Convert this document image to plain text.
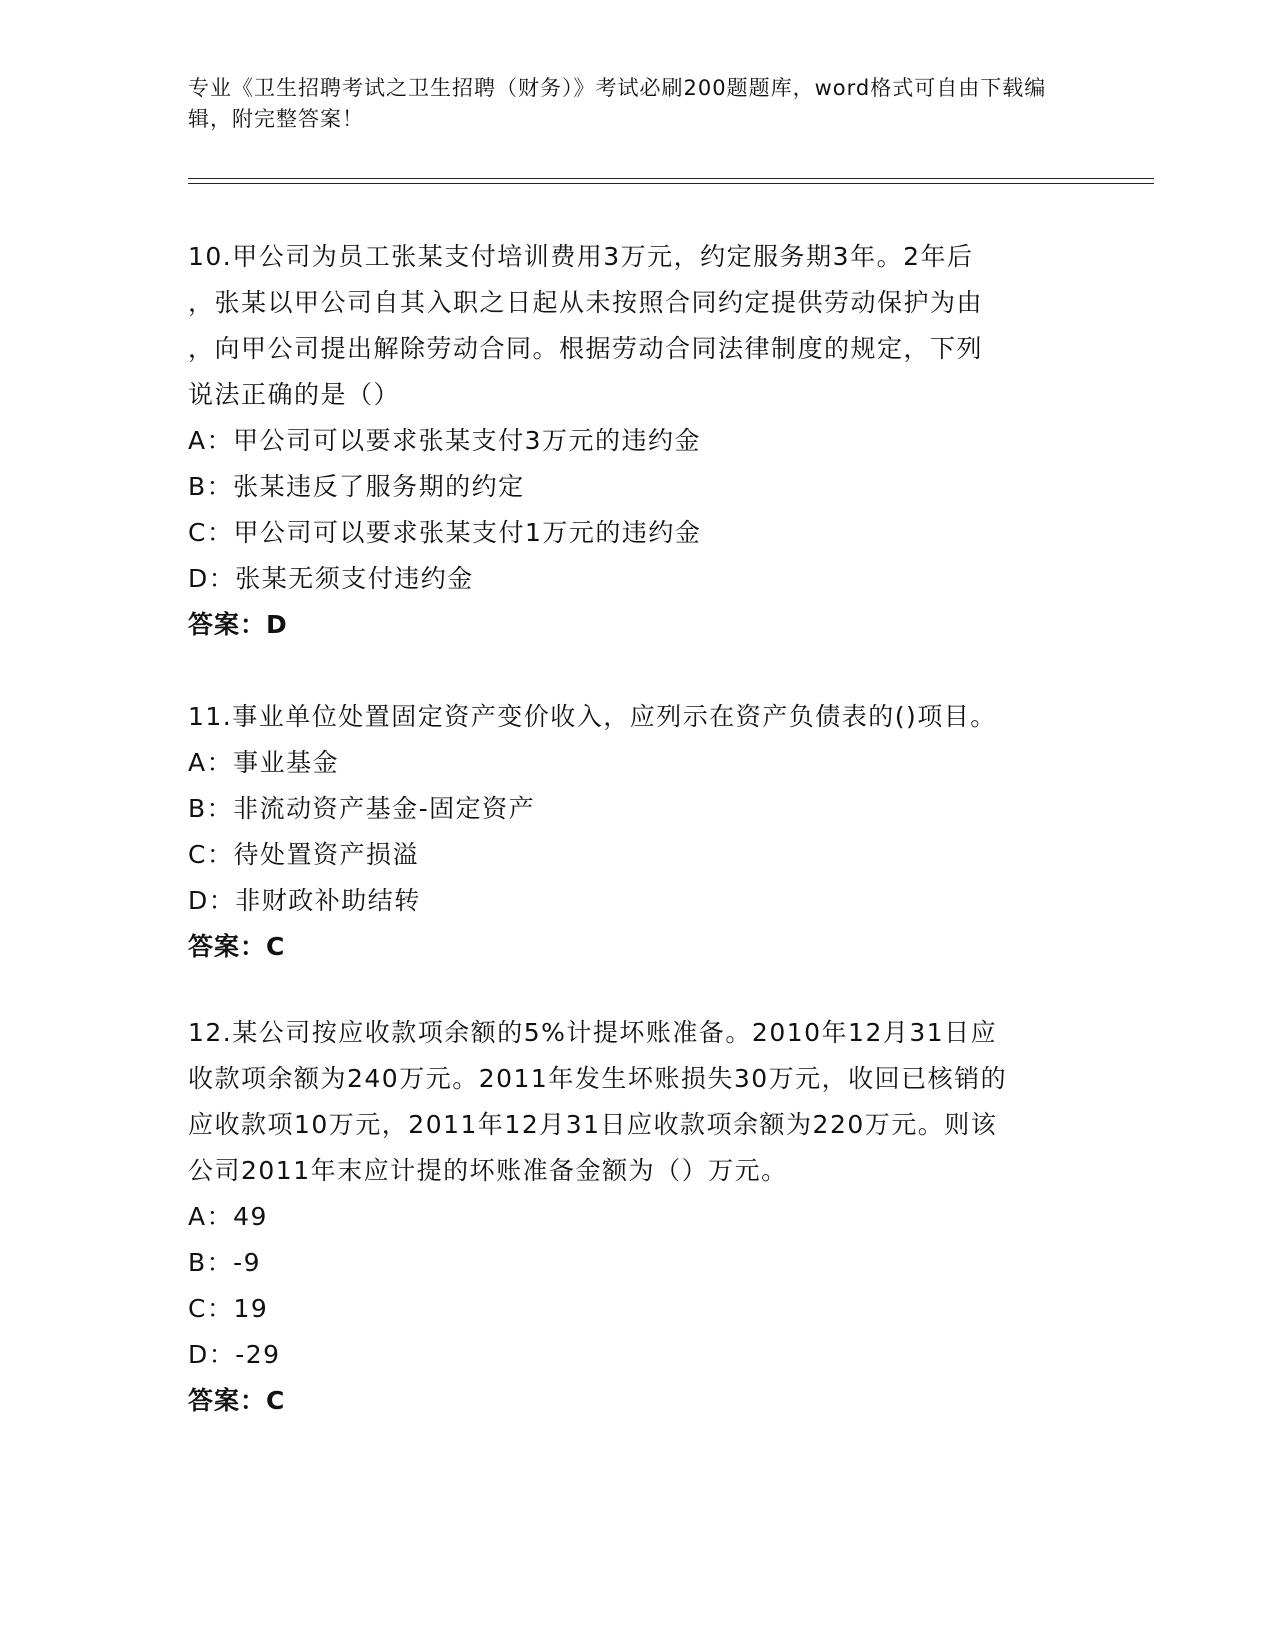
专业《卫生招聘考试之卫生招聘（财务）》考试必刷200题题库，word格式可自由下载编辑，附完整答案！

10.甲公司为员工张某支付培训费用3万元，约定服务期3年。2年后

，张某以甲公司自其入职之日起从未按照合同约定提供劳动保护为由

，向甲公司提出解除劳动合同。根据劳动合同法律制度的规定，下列

说法正确的是（）

A：甲公司可以要求张某支付3万元的违约金

B：张某违反了服务期的约定

C：甲公司可以要求张某支付1万元的违约金

D：张某无须支付违约金

答案：D

11.事业单位处置固定资产变价收入，应列示在资产负债表的()项目。

A：事业基金

B：非流动资产基金-固定资产

C：待处置资产损溢

D：非财政补助结转

答案：C

12.某公司按应收款项余额的5%计提坏账准备。2010年12月31日应

收款项余额为240万元。2011年发生坏账损失30万元，收回已核销的

应收款项10万元，2011年12月31日应收款项余额为220万元。则该

公司2011年末应计提的坏账准备金额为（）万元。

A：49

B：-9

C：19

D：-29

答案：C
